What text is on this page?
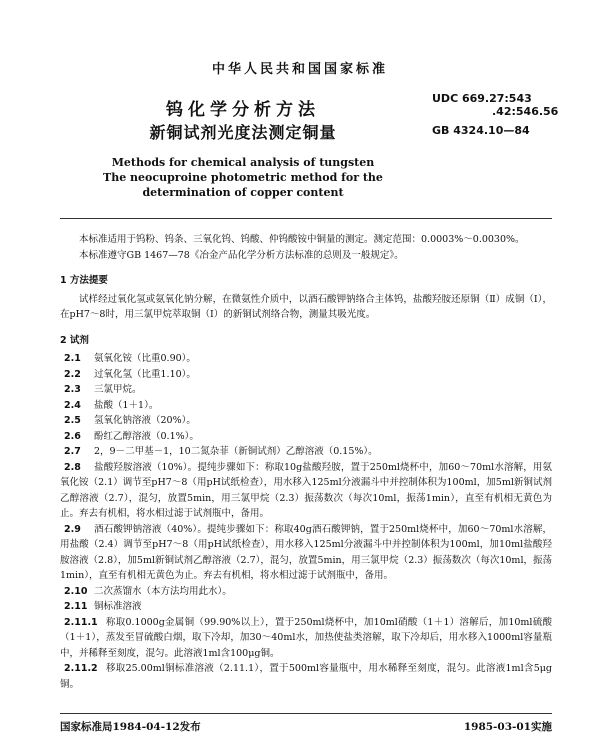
中华人民共和国国家标准
UDC 669.27:543
.42:546.56
GB 4324.10—84
钨化学分析方法
新铜试剂光度法测定铜量
Methods for chemical analysis of tungsten
The neocuproine photometric method for the
determination of copper content

本标准适用于钨粉、钨条、三氧化钨、钨酸、仲钨酸铵中铜量的测定。测定范围：0.0003%～0.0030%。

本标准遵守GB 1467—78《冶金产品化学分析方法标准的总则及一般规定》。

1 方法提要

试样经过氧化氢或氨氧化钠分解，在微氨性介质中，以酒石酸钾钠络合主体钨，盐酸羟胺还原铜（Ⅱ）成铜（Ⅰ），在pH7～8时，用三氯甲烷萃取铜（Ⅰ）的新铜试剂络合物，测量其吸光度。

2 试剂
2.1 氨氧化铵（比重0.90）。
2.2 过氧化氢（比重1.10）。
2.3 三氯甲烷。
2.4 盐酸（1＋1）。
2.5 氢氧化钠溶液（20%）。
2.6 酚红乙醇溶液（0.1%）。
2.7 2，9－二甲基－1，10二氮杂菲（新铜试剂）乙醇溶液（0.15%）。
2.8 盐酸羟胺溶液（10%）。提纯步骤如下：称取10g盐酸羟胺，置于250ml烧杯中，加60～70ml水溶解，用氨氧化铵（2.1）调节至pH7～8（用pH试纸检查），用水移入125ml分液漏斗中并控制体积为100ml，加5ml新铜试剂乙醇溶液（2.7），混匀，放置5min，用三氯甲烷（2.3）振荡数次（每次10ml，振荡1min），直至有机相无黄色为止。弃去有机相，将水相过滤于试剂瓶中，备用。
2.9 酒石酸钾钠溶液（40%）。提纯步骤如下：称取40g酒石酸钾钠，置于250ml烧杯中，加60～70ml水溶解，用盐酸（2.4）调节至pH7～8（用pH试纸检查），用水移入125ml分液漏斗中并控制体积为100ml，加10ml盐酸羟胺溶液（2.8），加5ml新铜试剂乙醇溶液（2.7），混匀，放置5min，用三氯甲烷（2.3）振荡数次（每次10ml，振荡1min），直至有机相无黄色为止。弃去有机相，将水相过滤于试剂瓶中，备用。
2.10 二次蒸馏水（本方法均用此水）。
2.11 铜标准溶液
2.11.1 称取0.1000g金属铜（99.90%以上），置于250ml烧杯中，加10ml硝酸（1＋1）溶解后，加10ml硫酸（1＋1），蒸发至冒硫酸白烟，取下冷却，加30～40ml水，加热使盐类溶解，取下冷却后，用水移入1000ml容量瓶中，并稀释至刻度，混匀。此溶液1ml含100μg铜。
2.11.2 移取25.00ml铜标准溶液（2.11.1），置于500ml容量瓶中，用水稀释至刻度，混匀。此溶液1ml含5μg铜。
国家标准局1984-04-12发布	1985-03-01实施
